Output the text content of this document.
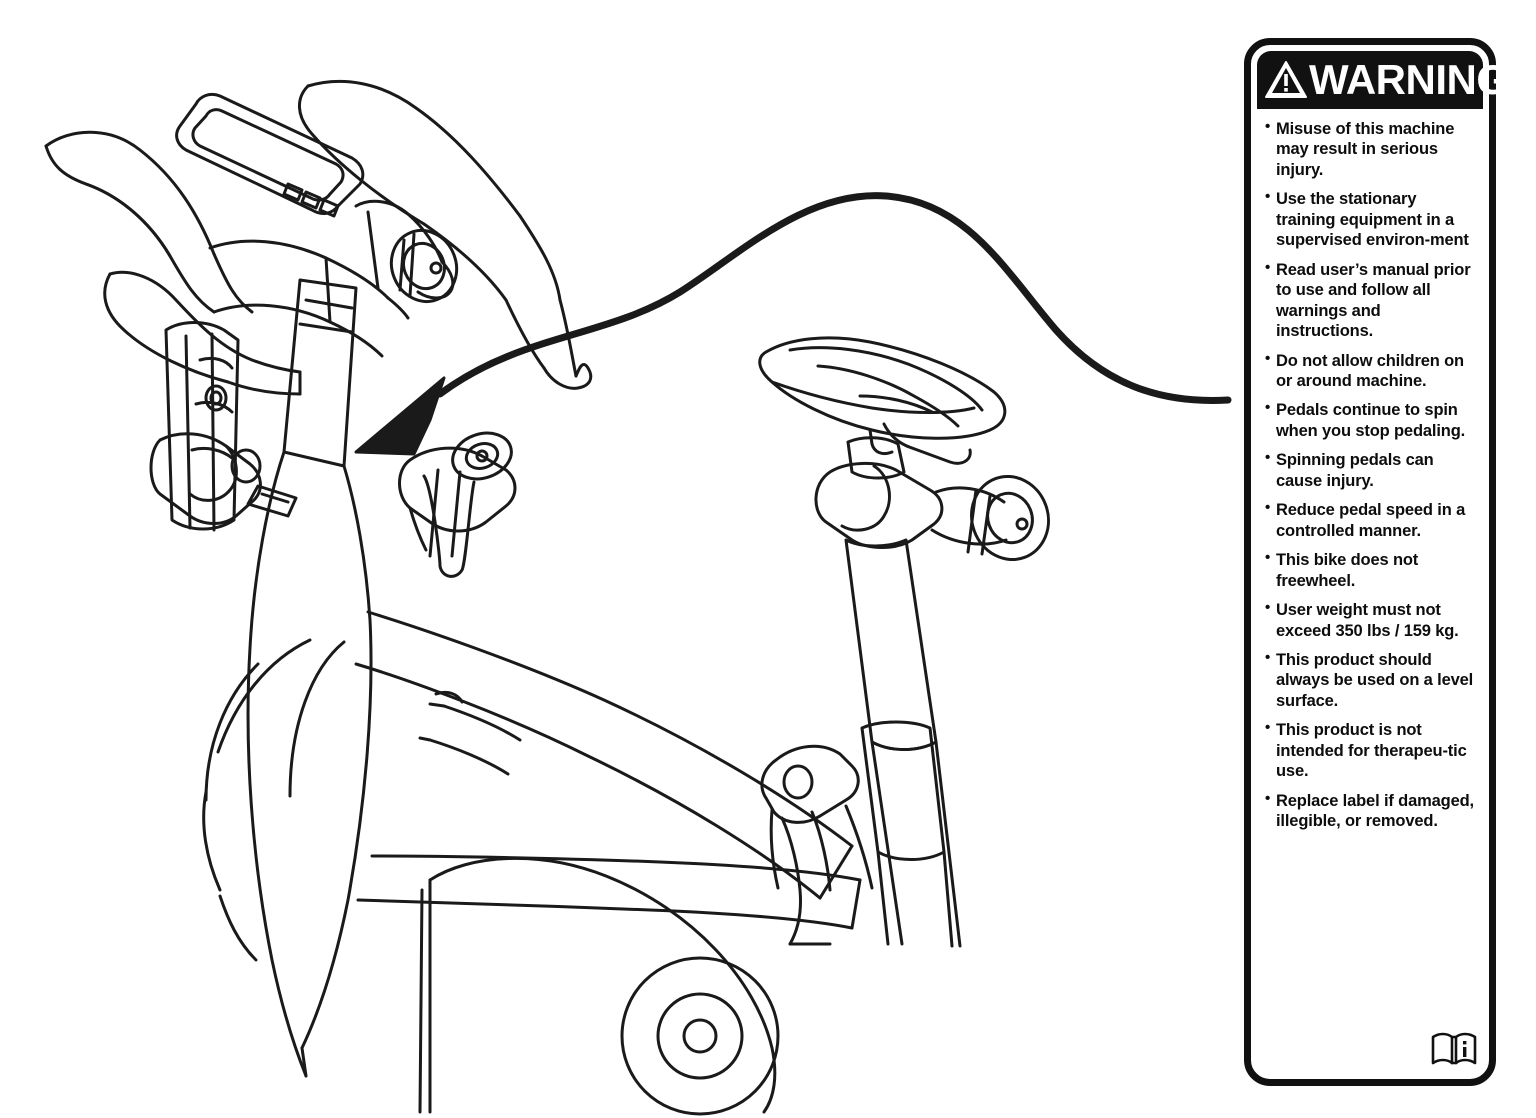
WARNING
• Misuse of this machine may result in serious injury.
• Use the stationary training equipment in a supervised environ-ment
• Read user’s manual prior to use and follow all warnings and instructions.
• Do not allow children on or around machine.
• Pedals continue to spin when you stop pedaling.
• Spinning pedals can cause injury.
• Reduce pedal speed in a controlled manner.
• This bike does not freewheel.
• User weight must not exceed 350 lbs / 159 kg.
• This product should always be used on a level surface.
• This product is not intended for therapeu-tic use.
• Replace label if damaged, illegible, or removed.
